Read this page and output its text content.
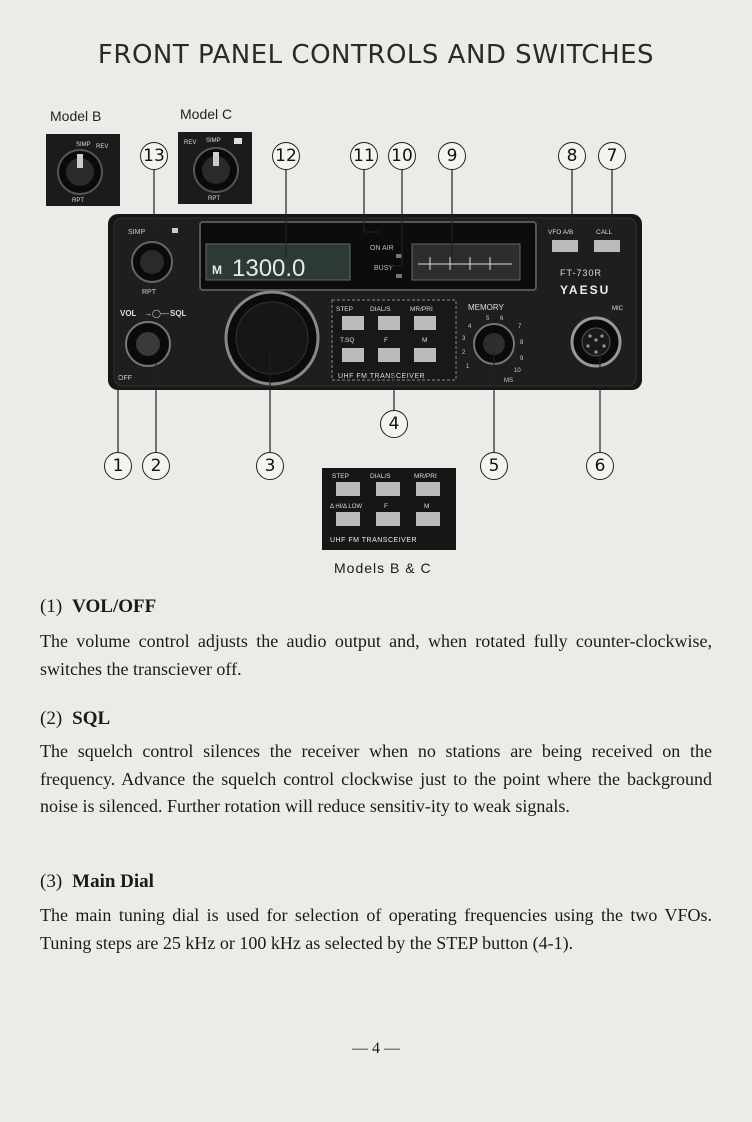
FRONT PANEL CONTROLS AND SWITCHES
Model B	Model C
SIMP REV
RPT
REV SIMP
RPT
SIMP
RPT
VOL →◯— SQL
OFF
M 1300.0
ON AIR
BUSY
STEP	DIAL/S	MR/PRI
T.SQ	F	M
UHF FM TRANSCEIVER
MEMORY
5 6
4	7
3
8
2
9
1
10
MS
VFO A/B	CALL
FT-730R
YAESU
MIC
13	12	11 10	9	8	7
1	2	3
4
5	6
STEP	DIAL/S	MR/PRI
Δ HI/Δ LOW	F	M
UHF FM TRANSCEIVER
Models B & C
(1) VOL/OFF
The volume control adjusts the audio output and, when rotated fully counter-clockwise, switches the transciever off.
(2) SQL
The squelch control silences the receiver when no stations are being received on the frequency. Advance the squelch control clockwise just to the point where the background noise is silenced. Further rotation will reduce sensitiv-ity to weak signals.
(3) Main Dial
The main tuning dial is used for selection of operating frequencies using the two VFOs. Tuning steps are 25 kHz or 100 kHz as selected by the STEP button (4-1).
— 4 —
